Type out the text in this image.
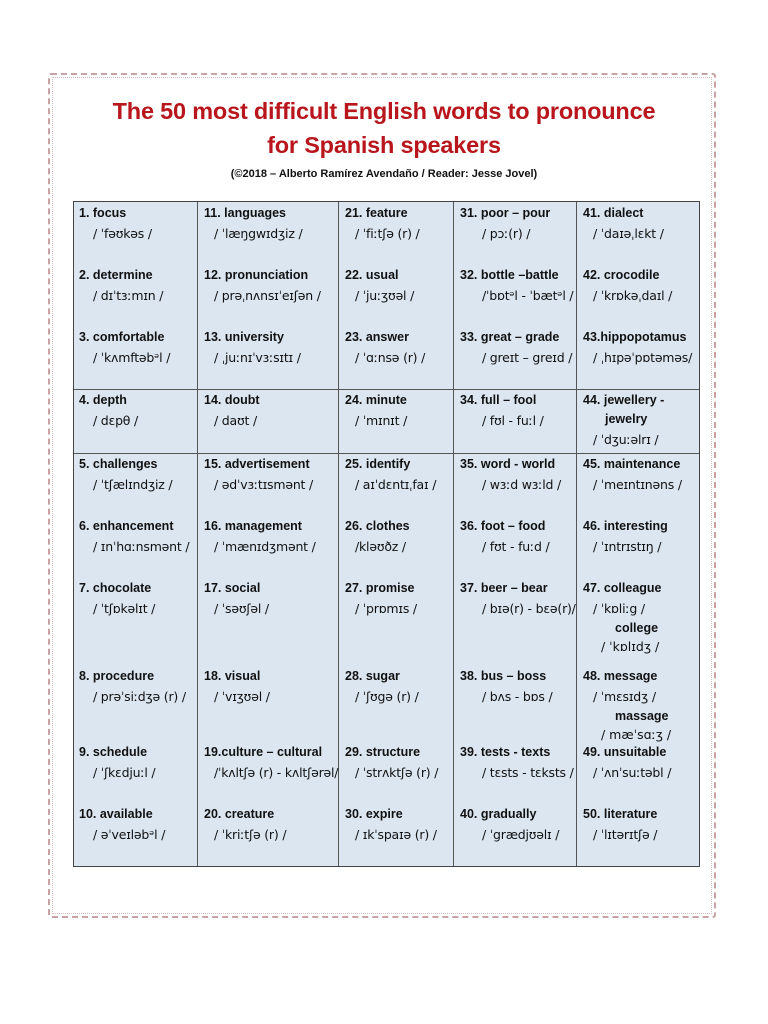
The 50 most difficult English words to pronounce
for Spanish speakers
(©2018 – Alberto Ramírez Avendaño / Reader: Jesse Jovel)
1. focus
/ ˈfəʊkəs /
2. determine
/ dɪˈtɜːmɪn /
3. comfortable
/ ˈkʌmftəbᵊl /
4. depth
/ dɛpθ /
5. challenges
/ ˈtʃælɪndʒiz /
6. enhancement
/ ɪnˈhɑːnsmənt /
7. chocolate
/ ˈtʃɒkəlɪt /
8. procedure
/ prəˈsiːdʒə (r) /
9. schedule
/ ˈʃkɛdjuːl /
10. available
/ əˈveɪləbᵊl /
11. languages
/ ˈlæŋgwɪdʒiz /
12. pronunciation
/ prəˌnʌnsɪˈeɪʃən /
13. university
/ ˌjuːnɪˈvɜːsɪtɪ /
14. doubt
/ daʊt /
15. advertisement
/ ədˈvɜːtɪsmənt /
16. management
/ ˈmænɪdʒmənt /
17. social
/ ˈsəʊʃəl /
18. visual
/ ˈvɪʒʊəl /
19.culture – cultural
/ˈkʌltʃə (r) - kʌltʃərəl/
20. creature
/ ˈkriːtʃə (r) /
21. feature
/ ˈfiːtʃə (r) /
22. usual
/ ˈjuːʒʊəl /
23. answer
/ ˈɑːnsə (r) /
24. minute
/ ˈmɪnɪt /
25. identify
/ aɪˈdɛntɪˌfaɪ /
26. clothes
/kləʊðz /
27. promise
/ ˈprɒmɪs /
28. sugar
/ ˈʃʊgə (r) /
29. structure
/ ˈstrʌktʃə (r) /
30. expire
/ ɪkˈspaɪə (r) /
31. poor – pour
/ pɔː(r) /
32. bottle –battle
/ˈbɒtᵊl - ˈbætᵊl /
33. great – grade
/ greɪt – greɪd /
34. full – fool
/ fʊl - fuːl /
35. word - world
/ wɜːd wɜːld /
36. foot – food
/ fʊt - fuːd /
37. beer – bear
/ bɪə(r) - bɛə(r)/
38. bus – boss
/ bʌs - bɒs /
39. tests - texts
/ tɛsts - tɛksts /
40. gradually
/ ˈgrædjʊəlɪ /
41. dialect
/ ˈdaɪəˌlɛkt /
42. crocodile
/ ˈkrɒkəˌdaɪl /
43.hippopotamus
/ ˌhɪpəˈpɒtəməs/
44. jewellery -
jewelry
/ ˈdʒuːəlrɪ /
45. maintenance
/ ˈmeɪntɪnəns /
46. interesting
/ ˈɪntrɪstɪŋ /
47. colleague
/ ˈkɒliːg /
college
/ ˈkɒlɪdʒ /
48. message
/ ˈmɛsɪdʒ /
massage
/ mæˈsɑːʒ /
49. unsuitable
/ ˈʌnˈsuːtəbl /
50. literature
/ ˈlɪtərɪtʃə /
